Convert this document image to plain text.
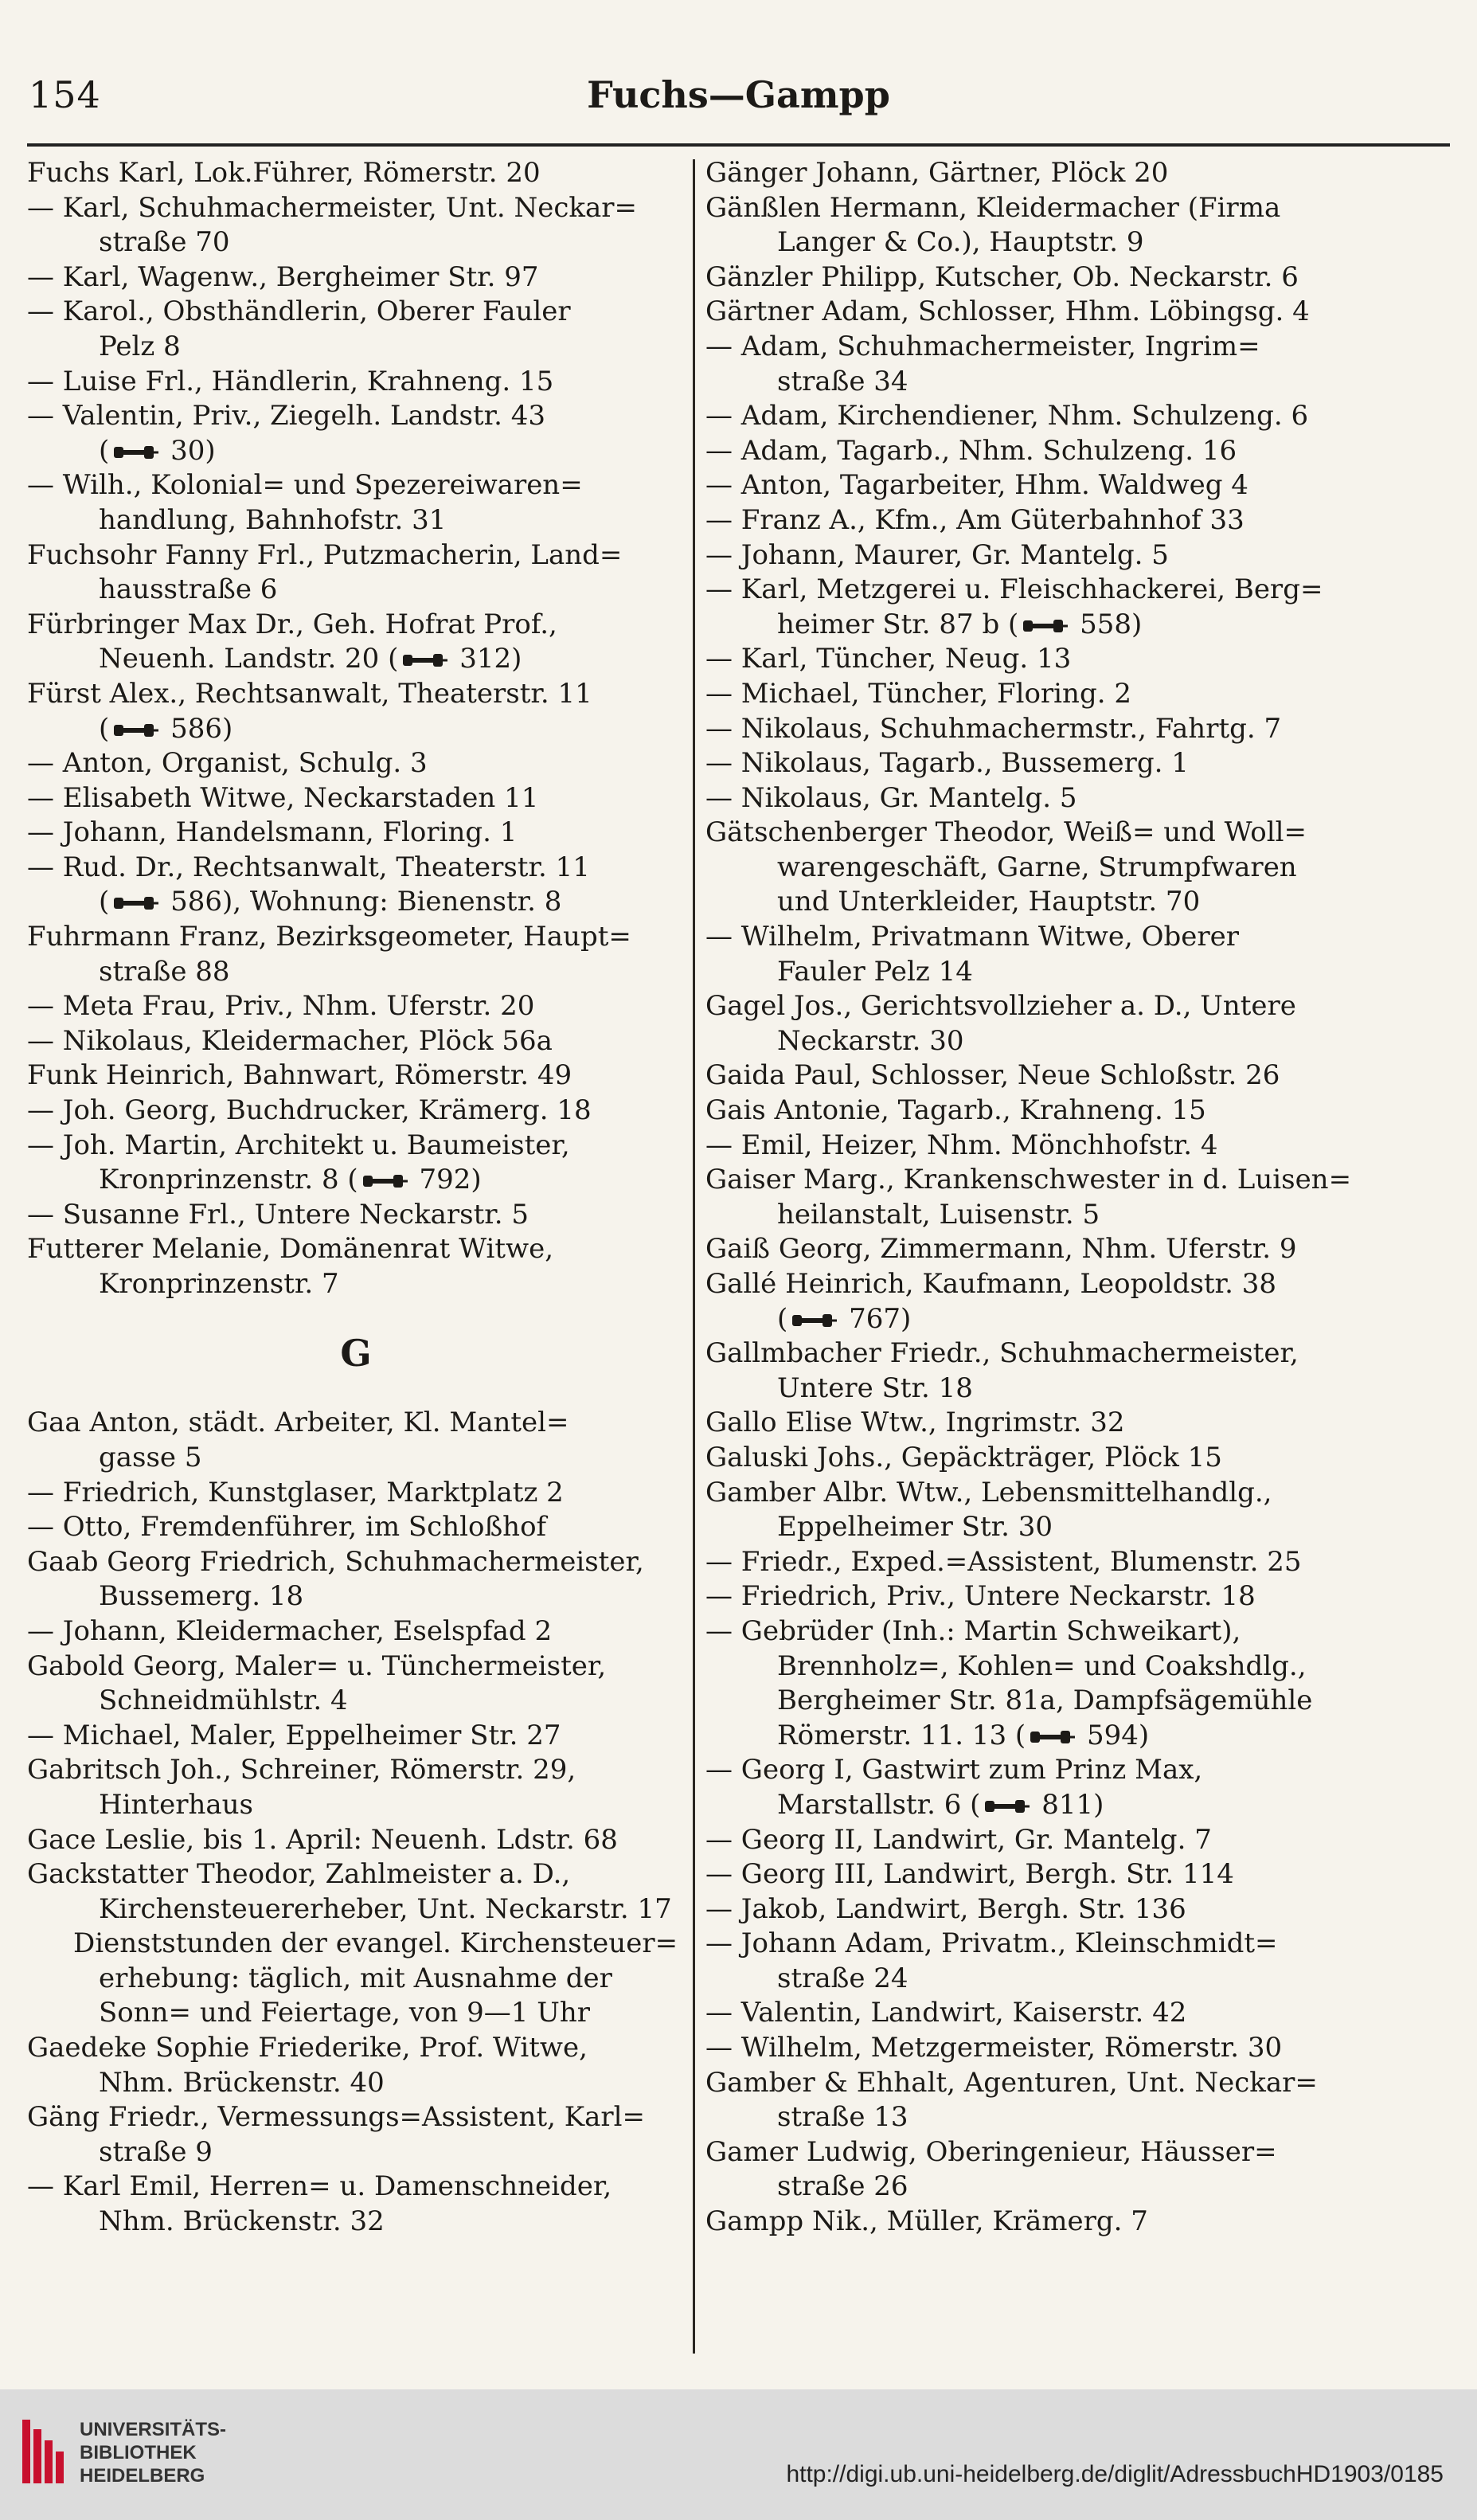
154	Fuchs—Gampp
Fuchs Karl, Lok.Führer, Römerstr. 20
— Karl, Schuhmachermeister, Unt. Neckar=
straße 70
— Karl, Wagenw., Bergheimer Str. 97
— Karol., Obsthändlerin, Oberer Fauler
Pelz 8
— Luise Frl., Händlerin, Krahneng. 15
— Valentin, Priv., Ziegelh. Landstr. 43
( 30)
— Wilh., Kolonial= und Spezereiwaren=
handlung, Bahnhofstr. 31
Fuchsohr Fanny Frl., Putzmacherin, Land=
hausstraße 6
Fürbringer Max Dr., Geh. Hofrat Prof.,
Neuenh. Landstr. 20 ( 312)
Fürst Alex., Rechtsanwalt, Theaterstr. 11
( 586)
— Anton, Organist, Schulg. 3
— Elisabeth Witwe, Neckarstaden 11
— Johann, Handelsmann, Floring. 1
— Rud. Dr., Rechtsanwalt, Theaterstr. 11
( 586), Wohnung: Bienenstr. 8
Fuhrmann Franz, Bezirksgeometer, Haupt=
straße 88
— Meta Frau, Priv., Nhm. Uferstr. 20
— Nikolaus, Kleidermacher, Plöck 56a
Funk Heinrich, Bahnwart, Römerstr. 49
— Joh. Georg, Buchdrucker, Krämerg. 18
— Joh. Martin, Architekt u. Baumeister,
Kronprinzenstr. 8 ( 792)
— Susanne Frl., Untere Neckarstr. 5
Futterer Melanie, Domänenrat Witwe,
Kronprinzenstr. 7
G
Gaa Anton, städt. Arbeiter, Kl. Mantel=
gasse 5
— Friedrich, Kunstglaser, Marktplatz 2
— Otto, Fremdenführer, im Schloßhof
Gaab Georg Friedrich, Schuhmachermeister,
Bussemerg. 18
— Johann, Kleidermacher, Eselspfad 2
Gabold Georg, Maler= u. Tünchermeister,
Schneidmühlstr. 4
— Michael, Maler, Eppelheimer Str. 27
Gabritsch Joh., Schreiner, Römerstr. 29,
Hinterhaus
Gace Leslie, bis 1. April: Neuenh. Ldstr. 68
Gackstatter Theodor, Zahlmeister a. D.,
Kirchensteuererheber, Unt. Neckarstr. 17
Dienststunden der evangel. Kirchensteuer=
erhebung: täglich, mit Ausnahme der
Sonn= und Feiertage, von 9—1 Uhr
Gaedeke Sophie Friederike, Prof. Witwe,
Nhm. Brückenstr. 40
Gäng Friedr., Vermessungs=Assistent, Karl=
straße 9
— Karl Emil, Herren= u. Damenschneider,
Nhm. Brückenstr. 32
Gänger Johann, Gärtner, Plöck 20
Gänßlen Hermann, Kleidermacher (Firma
Langer & Co.), Hauptstr. 9
Gänzler Philipp, Kutscher, Ob. Neckarstr. 6
Gärtner Adam, Schlosser, Hhm. Löbingsg. 4
— Adam, Schuhmachermeister, Ingrim=
straße 34
— Adam, Kirchendiener, Nhm. Schulzeng. 6
— Adam, Tagarb., Nhm. Schulzeng. 16
— Anton, Tagarbeiter, Hhm. Waldweg 4
— Franz A., Kfm., Am Güterbahnhof 33
— Johann, Maurer, Gr. Mantelg. 5
— Karl, Metzgerei u. Fleischhackerei, Berg=
heimer Str. 87 b ( 558)
— Karl, Tüncher, Neug. 13
— Michael, Tüncher, Floring. 2
— Nikolaus, Schuhmachermstr., Fahrtg. 7
— Nikolaus, Tagarb., Bussemerg. 1
— Nikolaus, Gr. Mantelg. 5
Gätschenberger Theodor, Weiß= und Woll=
warengeschäft, Garne, Strumpfwaren
und Unterkleider, Hauptstr. 70
— Wilhelm, Privatmann Witwe, Oberer
Fauler Pelz 14
Gagel Jos., Gerichtsvollzieher a. D., Untere
Neckarstr. 30
Gaida Paul, Schlosser, Neue Schloßstr. 26
Gais Antonie, Tagarb., Krahneng. 15
— Emil, Heizer, Nhm. Mönchhofstr. 4
Gaiser Marg., Krankenschwester in d. Luisen=
heilanstalt, Luisenstr. 5
Gaiß Georg, Zimmermann, Nhm. Uferstr. 9
Gallé Heinrich, Kaufmann, Leopoldstr. 38
( 767)
Gallmbacher Friedr., Schuhmachermeister,
Untere Str. 18
Gallo Elise Wtw., Ingrimstr. 32
Galuski Johs., Gepäckträger, Plöck 15
Gamber Albr. Wtw., Lebensmittelhandlg.,
Eppelheimer Str. 30
— Friedr., Exped.=Assistent, Blumenstr. 25
— Friedrich, Priv., Untere Neckarstr. 18
— Gebrüder (Inh.: Martin Schweikart),
Brennholz=, Kohlen= und Coakshdlg.,
Bergheimer Str. 81a, Dampfsägemühle
Römerstr. 11. 13 ( 594)
— Georg I, Gastwirt zum Prinz Max,
Marstallstr. 6 ( 811)
— Georg II, Landwirt, Gr. Mantelg. 7
— Georg III, Landwirt, Bergh. Str. 114
— Jakob, Landwirt, Bergh. Str. 136
— Johann Adam, Privatm., Kleinschmidt=
straße 24
— Valentin, Landwirt, Kaiserstr. 42
— Wilhelm, Metzgermeister, Römerstr. 30
Gamber & Ehhalt, Agenturen, Unt. Neckar=
straße 13
Gamer Ludwig, Oberingenieur, Häusser=
straße 26
Gampp Nik., Müller, Krämerg. 7
UNIVERSITÄTS-
BIBLIOTHEK
HEIDELBERG	http://digi.ub.uni-heidelberg.de/diglit/AdressbuchHD1903/0185
